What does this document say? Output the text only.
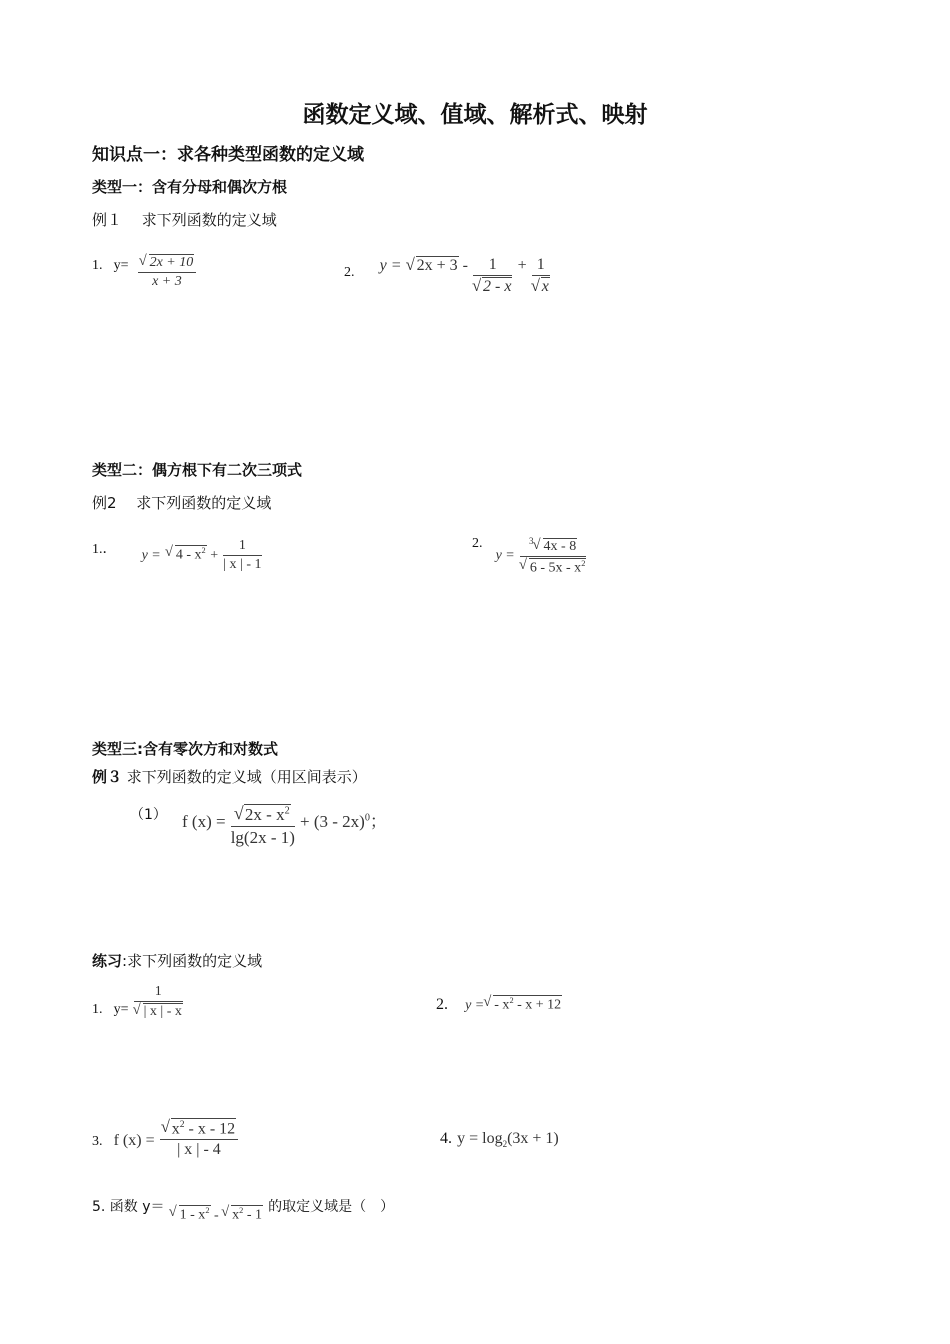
函数定义域、值域、解析式、映射
知识点一：求各种类型函数的定义域
类型一：含有分母和偶次方根
例１　 求下列函数的定义域
1. y= √ $\frac{2x + 10}{x + 3}$	2. y = √ 2x + 3 - 1
√ 2 - x + 1
√ x
类型二：偶方根下有二次三项式
例2　 求下列函数的定义域
1.． y = √ $4 - x^2 + \frac{1}{| x | - 1}$	2. y = $^3$ √ 4x - 8
√ $6 - 5x - x^2$
类型三:含有零次方和对数式
例３ 求下列函数的定义域（用区间表示）
（1） f (x) = √ $\frac{2x - x^2}{\lg(2x - 1)} + (3 - 2x)^0$；
练习:求下列函数的定义域
1. y= 1
√ | x | - x	2. y = √ - $x^2 - x + 12$
3. f (x) = √ $\frac{x^2 - x - 12}{| x | - 4}$	4. $y = \log_2(3x + 1)$
5. 函数 y＝ √ $1 - x^2$ - √ $x^2 - 1$ 的取定义域是（　）
